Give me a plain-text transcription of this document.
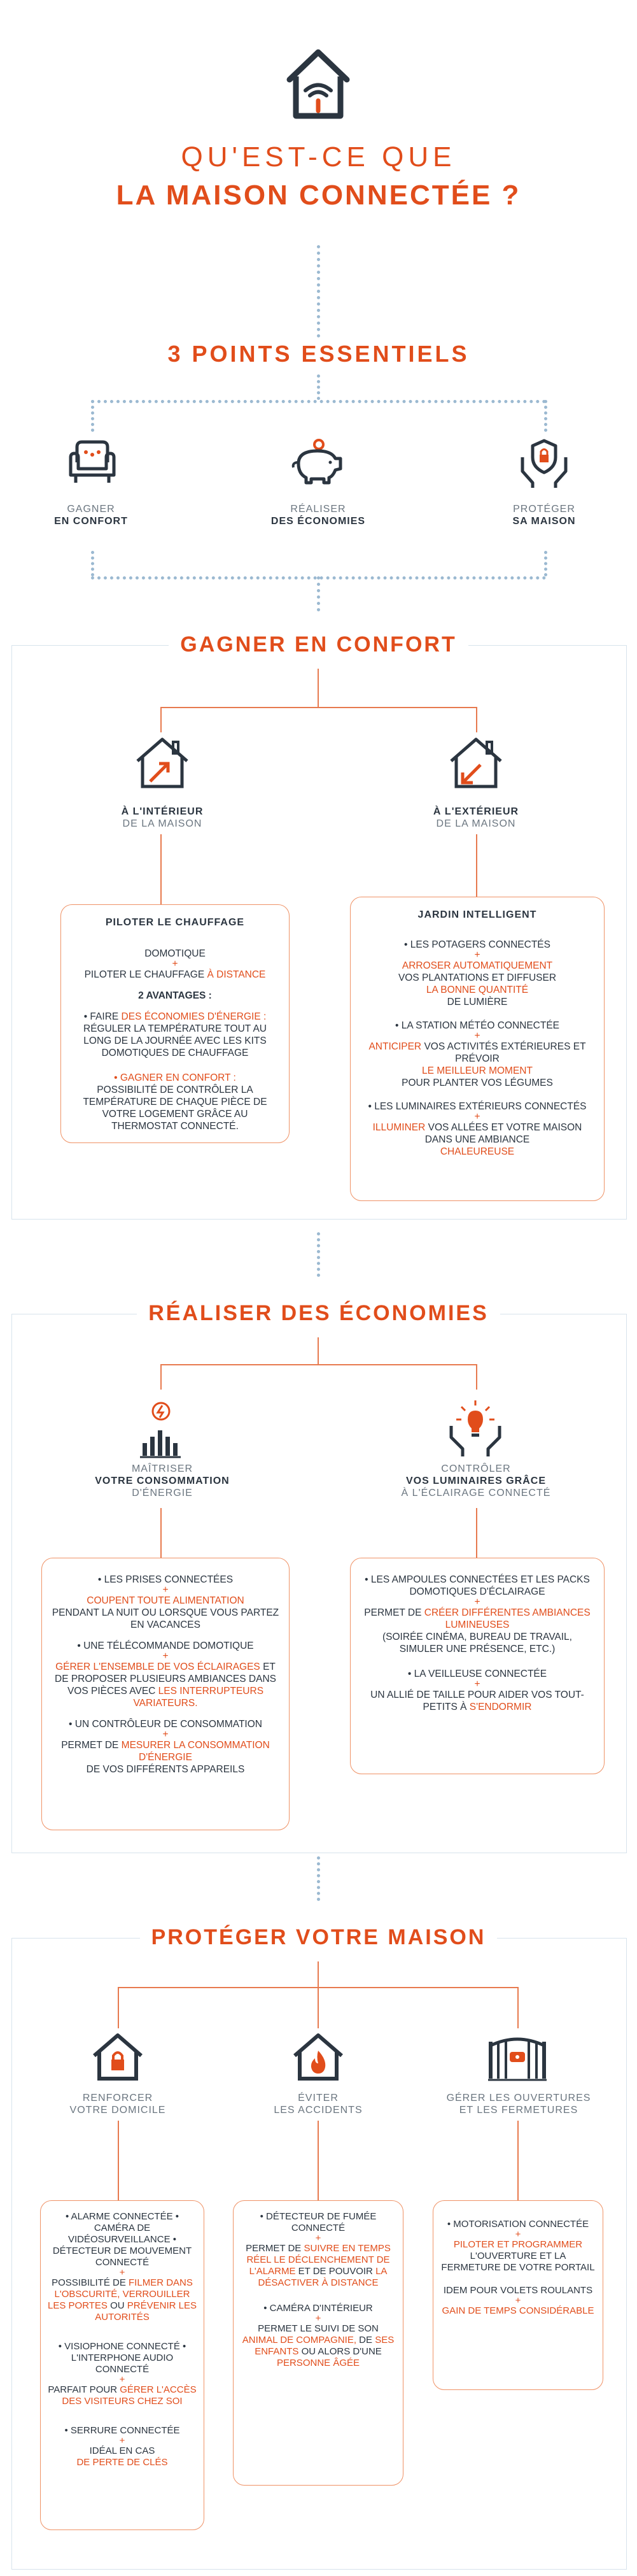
QU'EST-CE QUE
LA MAISON CONNECTÉE ?
3 POINTS ESSENTIELS
GAGNER
EN CONFORT
RÉALISER
DES ÉCONOMIES
PROTÉGER
SA MAISON
GAGNER EN CONFORT
À L'INTÉRIEUR
DE LA MAISON
À L'EXTÉRIEUR
DE LA MAISON
PILOTER LE CHAUFFAGE

DOMOTIQUE
+
PILOTER LE CHAUFFAGE À DISTANCE

2 AVANTAGES :

• FAIRE DES ÉCONOMIES D'ÉNERGIE :
RÉGULER LA TEMPÉRATURE TOUT AU LONG DE LA JOURNÉE AVEC LES KITS DOMOTIQUES DE CHAUFFAGE

• GAGNER EN CONFORT :
POSSIBILITÉ DE CONTRÔLER LA TEMPÉRATURE DE CHAQUE PIÈCE DE VOTRE LOGEMENT GRÂCE AU THERMOSTAT CONNECTÉ.

JARDIN INTELLIGENT

• LES POTAGERS CONNECTÉS
+
ARROSER AUTOMATIQUEMENT
VOS PLANTATIONS ET DIFFUSER
LA BONNE QUANTITÉ
DE LUMIÈRE

• LA STATION MÉTÉO CONNECTÉE
+
ANTICIPER VOS ACTIVITÉS EXTÉRIEURES ET PRÉVOIR
LE MEILLEUR MOMENT
POUR PLANTER VOS LÉGUMES

• LES LUMINAIRES EXTÉRIEURS CONNECTÉS
+
ILLUMINER VOS ALLÉES ET VOTRE MAISON DANS UNE AMBIANCE
CHALEUREUSE

RÉALISER DES ÉCONOMIES
MAÎTRISER
VOTRE CONSOMMATION
D'ÉNERGIE
CONTRÔLER
VOS LUMINAIRES GRÂCE
À L'ÉCLAIRAGE CONNECTÉ

• LES PRISES CONNECTÉES
+
COUPENT TOUTE ALIMENTATION
PENDANT LA NUIT OU LORSQUE VOUS PARTEZ EN VACANCES

• UNE TÉLÉCOMMANDE DOMOTIQUE
+
GÉRER L'ENSEMBLE DE VOS ÉCLAIRAGES ET DE PROPOSER PLUSIEURS AMBIANCES DANS VOS PIÈCES AVEC LES INTERRUPTEURS VARIATEURS.

• UN CONTRÔLEUR DE CONSOMMATION
+
PERMET DE MESURER LA CONSOMMATION D'ÉNERGIE
DE VOS DIFFÉRENTS APPAREILS

• LES AMPOULES CONNECTÉES ET LES PACKS DOMOTIQUES D'ÉCLAIRAGE
+
PERMET DE CRÉER DIFFÉRENTES AMBIANCES LUMINEUSES
(SOIRÉE CINÉMA, BUREAU DE TRAVAIL, SIMULER UNE PRÉSENCE, ETC.)

• LA VEILLEUSE CONNECTÉE
+
UN ALLIÉ DE TAILLE POUR AIDER VOS TOUT-PETITS À S'ENDORMIR

PROTÉGER VOTRE MAISON
RENFORCER
VOTRE DOMICILE
ÉVITER
LES ACCIDENTS
GÉRER LES OUVERTURES
ET LES FERMETURES

• ALARME CONNECTÉE • CAMÉRA DE VIDÉOSURVEILLANCE • DÉTECTEUR DE MOUVEMENT CONNECTÉ
+
POSSIBILITÉ DE FILMER DANS L'OBSCURITÉ, VERROUILLER LES PORTES OU PRÉVENIR LES AUTORITÉS

• VISIOPHONE CONNECTÉ • L'INTERPHONE AUDIO CONNECTÉ
+
PARFAIT POUR GÉRER L'ACCÈS DES VISITEURS CHEZ SOI

• SERRURE CONNECTÉE
+
IDÉAL EN CAS
DE PERTE DE CLÉS

• DÉTECTEUR DE FUMÉE CONNECTÉ
+
PERMET DE SUIVRE EN TEMPS RÉEL LE DÉCLENCHEMENT DE L'ALARME ET DE POUVOIR LA DÉSACTIVER À DISTANCE

• CAMÉRA D'INTÉRIEUR
+
PERMET LE SUIVI DE SON ANIMAL DE COMPAGNIE, DE SES ENFANTS OU ALORS D'UNE PERSONNE ÂGÉE

• MOTORISATION CONNECTÉE
+
PILOTER ET PROGRAMMER
L'OUVERTURE ET LA FERMETURE DE VOTRE PORTAIL

IDEM POUR VOLETS ROULANTS
+
GAIN DE TEMPS CONSIDÉRABLE
